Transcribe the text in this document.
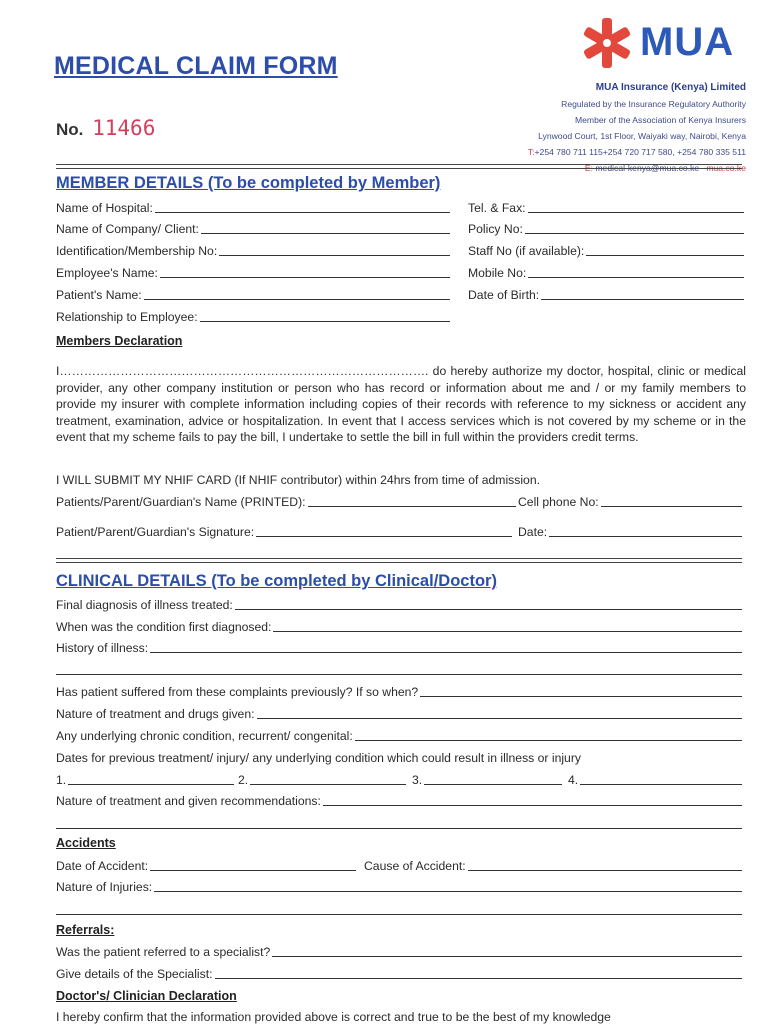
MEDICAL CLAIM FORM
No. 11466
MUA
MUA Insurance (Kenya) Limited
Regulated by the Insurance Regulatory Authority
Member of the Association of Kenya Insurers
Lynwood Court, 1st Floor, Waiyaki way, Nairobi, Kenya
T:+254 780 711 115+254 720 717 580, +254 780 335 511
E: medical-kenya@mua.co.ke mua.co.ke
MEMBER DETAILS (To be completed by Member)
Name of Hospital:	Tel. & Fax:
Name of Company/ Client:	Policy No:
Identification/Membership No:	Staff No (if available):
Employee's Name:	Mobile No:
Patient's Name:	Date of Birth:
Relationship to Employee:
Members Declaration
I………………………………………………………………………………. do hereby authorize my doctor, hospital, clinic or medical provider, any other company institution or person who has record or information about me and / or my family members to provide my insurer with complete information including copies of their records with reference to my sickness or accident any treatment, examination, advice or hospitalization. In event that I access services which is not covered by my scheme or in the event that my scheme fails to pay the bill, I undertake to settle the bill in full within the providers credit terms.
I WILL SUBMIT MY NHIF CARD (If NHIF contributor) within 24hrs from time of admission.
Patients/Parent/Guardian's Name (PRINTED):	Cell phone No:
Patient/Parent/Guardian's Signature:	Date:
CLINICAL DETAILS (To be completed by Clinical/Doctor)
Final diagnosis of illness treated:
When was the condition first diagnosed:
History of illness:
Has patient suffered from these complaints previously? If so when?
Nature of treatment and drugs given:
Any underlying chronic condition, recurrent/ congenital:
Dates for previous treatment/ injury/ any underlying condition which could result in illness or injury
1.	2.	3.	4.
Nature of treatment and given recommendations:
Accidents
Date of Accident:	Cause of Accident:
Nature of Injuries:
Referrals:
Was the patient referred to a specialist?
Give details of the Specialist:
Doctor's/ Clinician Declaration
I hereby confirm that the information provided above is correct and true to be the best of my knowledge
